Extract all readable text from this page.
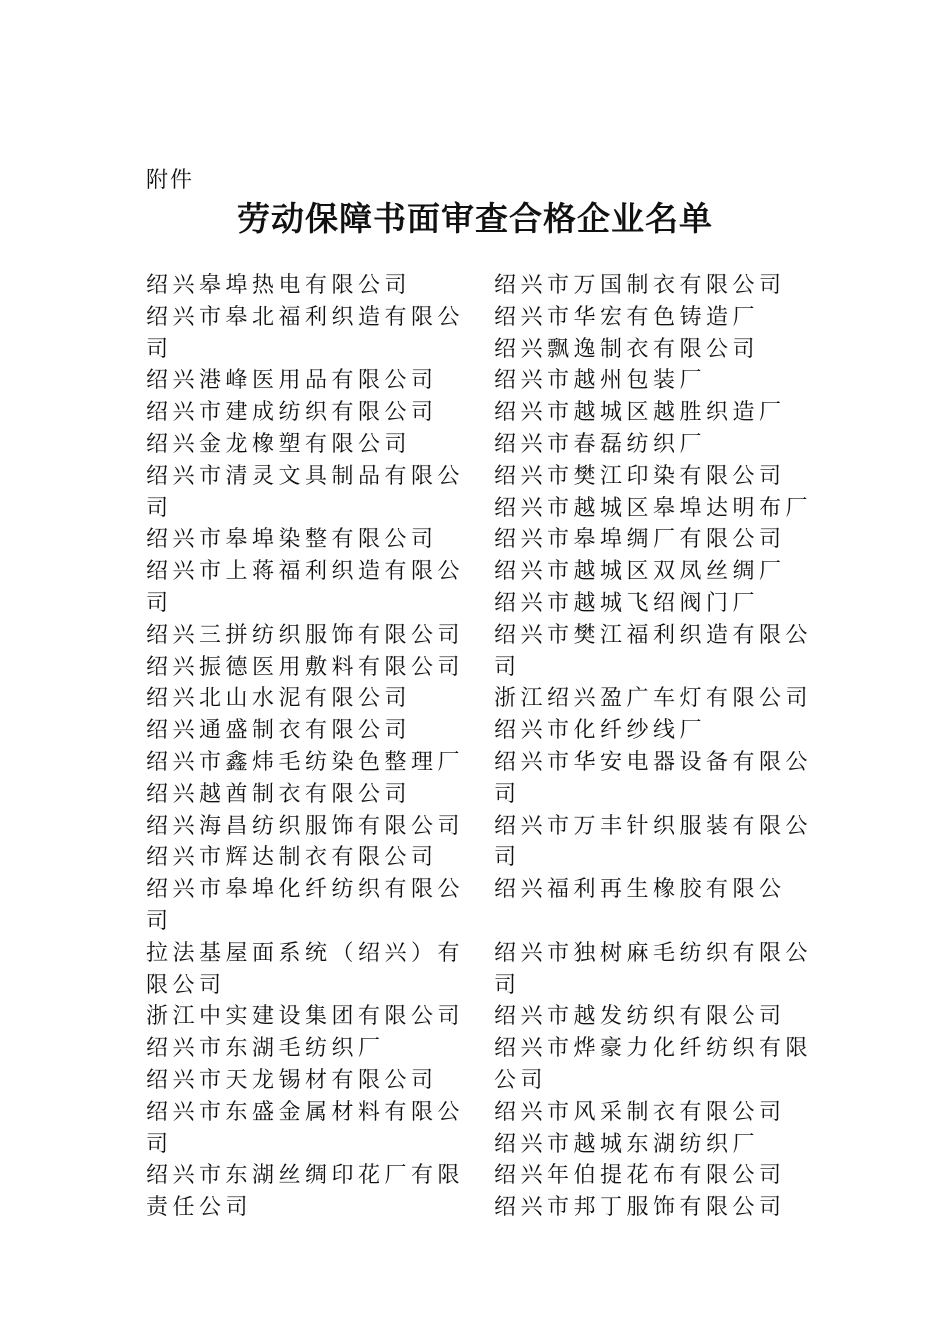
附件
劳动保障书面审查合格企业名单
绍兴皋埠热电有限公司
绍兴市皋北福利织造有限公司
绍兴港峰医用品有限公司
绍兴市建成纺织有限公司
绍兴金龙橡塑有限公司
绍兴市清灵文具制品有限公司
绍兴市皋埠染整有限公司
绍兴市上蒋福利织造有限公司
绍兴三拼纺织服饰有限公司
绍兴振德医用敷料有限公司
绍兴北山水泥有限公司
绍兴通盛制衣有限公司
绍兴市鑫炜毛纺染色整理厂
绍兴越酋制衣有限公司
绍兴海昌纺织服饰有限公司
绍兴市辉达制衣有限公司
绍兴市皋埠化纤纺织有限公司
拉法基屋面系统（绍兴）有限公司
浙江中实建设集团有限公司
绍兴市东湖毛纺织厂
绍兴市天龙锡材有限公司
绍兴市东盛金属材料有限公司
绍兴市东湖丝绸印花厂有限责任公司
绍兴市万国制衣有限公司
绍兴市华宏有色铸造厂
绍兴飘逸制衣有限公司
绍兴市越州包装厂
绍兴市越城区越胜织造厂
绍兴市春磊纺织厂
绍兴市樊江印染有限公司
绍兴市越城区皋埠达明布厂
绍兴市皋埠绸厂有限公司
绍兴市越城区双凤丝绸厂
绍兴市越城飞绍阀门厂
绍兴市樊江福利织造有限公司
浙江绍兴盈广车灯有限公司
绍兴市化纤纱线厂
绍兴市华安电器设备有限公司
绍兴市万丰针织服装有限公司
绍兴福利再生橡胶有限公
绍兴市独树麻毛纺织有限公司
绍兴市越发纺织有限公司
绍兴市烨豪力化纤纺织有限公司
绍兴市风采制衣有限公司
绍兴市越城东湖纺织厂
绍兴年伯提花布有限公司
绍兴市邦丁服饰有限公司
